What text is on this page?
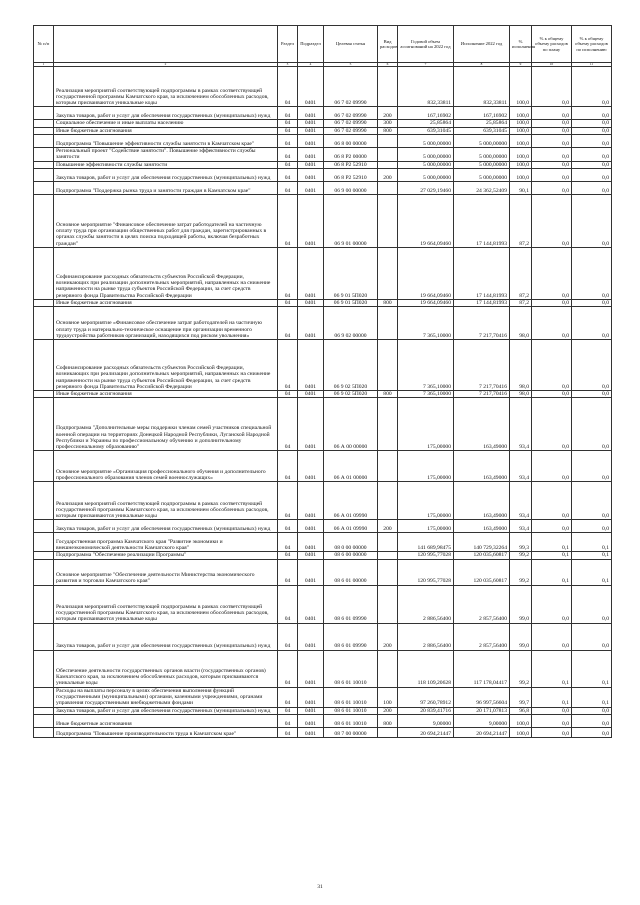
№ п/п		Раздел	Подраздел	Целевая статья	Вид расходов	Годовой объем ассигнований на 2022 год	Исполнение 2022 год	% исполнения	% к общему объему расходов по плану	% к общему объему расходов по исполнению
1	2	3	4	5	6	7	8	9	10	11
	Реализация мероприятий соответствующей подпрограммы в рамках соответствующей государственной программы Камчатского края, за исключением обособленных расходов, которым присваиваются уникальные коды	04	0401	06 7 02 09990		832,33811	832,33811	100,0	0,0	0,0
	Закупка товаров, работ и услуг для обеспечения государственных (муниципальных) нужд	04	0401	06 7 02 09990	200	167,16902	167,16902	100,0	0,0	0,0
	Социальное обеспечение и иные выплаты населению	04	0401	06 7 02 09990	300	25,85864	25,85864	100,0	0,0	0,0
	Иные бюджетные ассигнования	04	0401	06 7 02 09990	800	639,31045	639,31045	100,0	0,0	0,0
	Подпрограмма "Повышение эффективности службы занятости в Камчатском крае"	04	0401	06 8 00 00000		5 000,00000	5 000,00000	100,0	0,0	0,0
	Региональный проект "Содействие занятости". Повышение эффективности службы занятости	04	0401	06 8 P2 00000		5 000,00000	5 000,00000	100,0	0,0	0,0
	Повышение эффективности службы занятости	04	0401	06 8 P2 52910		5 000,00000	5 000,00000	100,0	0,0	0,0
	Закупка товаров, работ и услуг для обеспечения государственных (муниципальных) нужд	04	0401	06 8 P2 52910	200	5 000,00000	5 000,00000	100,0	0,0	0,0
	Подпрограмма "Поддержка рынка труда и занятости граждан в Камчатском крае"	04	0401	06 9 00 00000		27 029,19460	24 362,52409	90,1	0,0	0,0
	Основное мероприятие "Финансовое обеспечение затрат работодателей на частичную оплату труда при организации общественных работ для граждан, зарегистрированных в органах службы занятости в целях поиска подходящей работы, включая безработных граждан"	04	0401	06 9 01 00000		19 664,09460	17 144,81993	87,2	0,0	0,0
	Софинансирование расходных обязательств субъектов Российской Федерации, возникающих при реализации дополнительных мероприятий, направленных на снижение напряженности на рынке труда субъектов Российской Федерации, за счет средств резервного фонда Правительства Российской Федерации	04	0401	06 9 01 5П020		19 664,09460	17 144,81993	87,2	0,0	0,0
	Иные бюджетные ассигнования	04	0401	06 9 01 5П020	800	19 664,09460	17 144,81993	87,2	0,0	0,0
	Основное мероприятие «Финансовое обеспечение затрат работодателей на частичную оплату труда и материально-техническое оснащение при организации временного трудоустройства работников организаций, находящихся под риском увольнения»	04	0401	06 9 02 00000		7 365,10000	7 217,70416	98,0	0,0	0,0
	Софинансирование расходных обязательств субъектов Российской Федерации, возникающих при реализации дополнительных мероприятий, направленных на снижение напряженности на рынке труда субъектов Российской Федерации, за счет средств резервного фонда Правительства Российской Федерации	04	0401	06 9 02 5П020		7 365,10000	7 217,70416	98,0	0,0	0,0
	Иные бюджетные ассигнования	04	0401	06 9 02 5П020	800	7 365,10000	7 217,70416	98,0	0,0	0,0
	Подпрограмма "Дополнительные меры поддержки членам семей участников специальной военной операции на территориях Донецкой Народной Республики, Луганской Народной Республики и Украины по профессиональному обучению и дополнительному профессиональному образованию"	04	0401	06 А 00 00000		175,00000	163,49000	93,4	0,0	0,0
	Основное мероприятие «Организация профессионального обучения и дополнительного профессионального образования членов семей военнослужащих»	04	0401	06 А 01 00000		175,00000	163,49000	93,4	0,0	0,0
	Реализация мероприятий соответствующей подпрограммы в рамках соответствующей государственной программы Камчатского края, за исключением обособленных расходов, которым присваиваются уникальные коды	04	0401	06 А 01 09990		175,00000	163,49000	93,4	0,0	0,0
	Закупка товаров, работ и услуг для обеспечения государственных (муниципальных) нужд	04	0401	06 А 01 09990	200	175,00000	163,49000	93,4	0,0	0,0
	Государственная программа Камчатского края "Развитие экономики и внешнеэкономической деятельности Камчатского края"	04	0401	08 0 00 00000		141 689,98475	140 729,32264	99,3	0,1	0,1
	Подпрограмма "Обеспечение реализации Программы"	04	0401	08 6 00 00000		120 995,77028	120 035,60817	99,2	0,1	0,1
	Основное мероприятие "Обеспечение деятельности Министерства экономического развития и торговли Камчатского края"	04	0401	08 6 01 00000		120 995,77028	120 035,60817	99,2	0,1	0,1
	Реализация мероприятий соответствующей подпрограммы в рамках соответствующей государственной программы Камчатского края, за исключением обособленных расходов, которым присваиваются уникальные коды	04	0401	08 6 01 09990		2 886,56400	2 857,56400	99,0	0,0	0,0
	Закупка товаров, работ и услуг для обеспечения государственных (муниципальных) нужд	04	0401	08 6 01 09990	200	2 886,56400	2 857,56400	99,0	0,0	0,0
	Обеспечение деятельности государственных органов власти (государственных органов) Камчатского края, за исключением обособленных расходов, которым присваиваются уникальные коды	04	0401	08 6 01 10010		118 109,20628	117 178,04417	99,2	0,1	0,1
	Расходы на выплаты персоналу в целях обеспечения выполнения функций государственными (муниципальными) органами, казенными учреждениями, органами управления государственными внебюджетными фондами	04	0401	08 6 01 10010	100	97 260,78912	96 997,56604	99,7	0,1	0,1
	Закупка товаров, работ и услуг для обеспечения государственных (муниципальных) нужд	04	0401	08 6 01 10010	200	20 839,41716	20 171,07813	96,8	0,0	0,0
	Иные бюджетные ассигнования	04	0401	08 6 01 10010	800	9,00000	9,00000	100,0	0,0	0,0
	Подпрограмма "Повышение производительности труда в Камчатском крае"	04	0401	08 7 00 00000		20 694,21447	20 694,21447	100,0	0,0	0,0
31
